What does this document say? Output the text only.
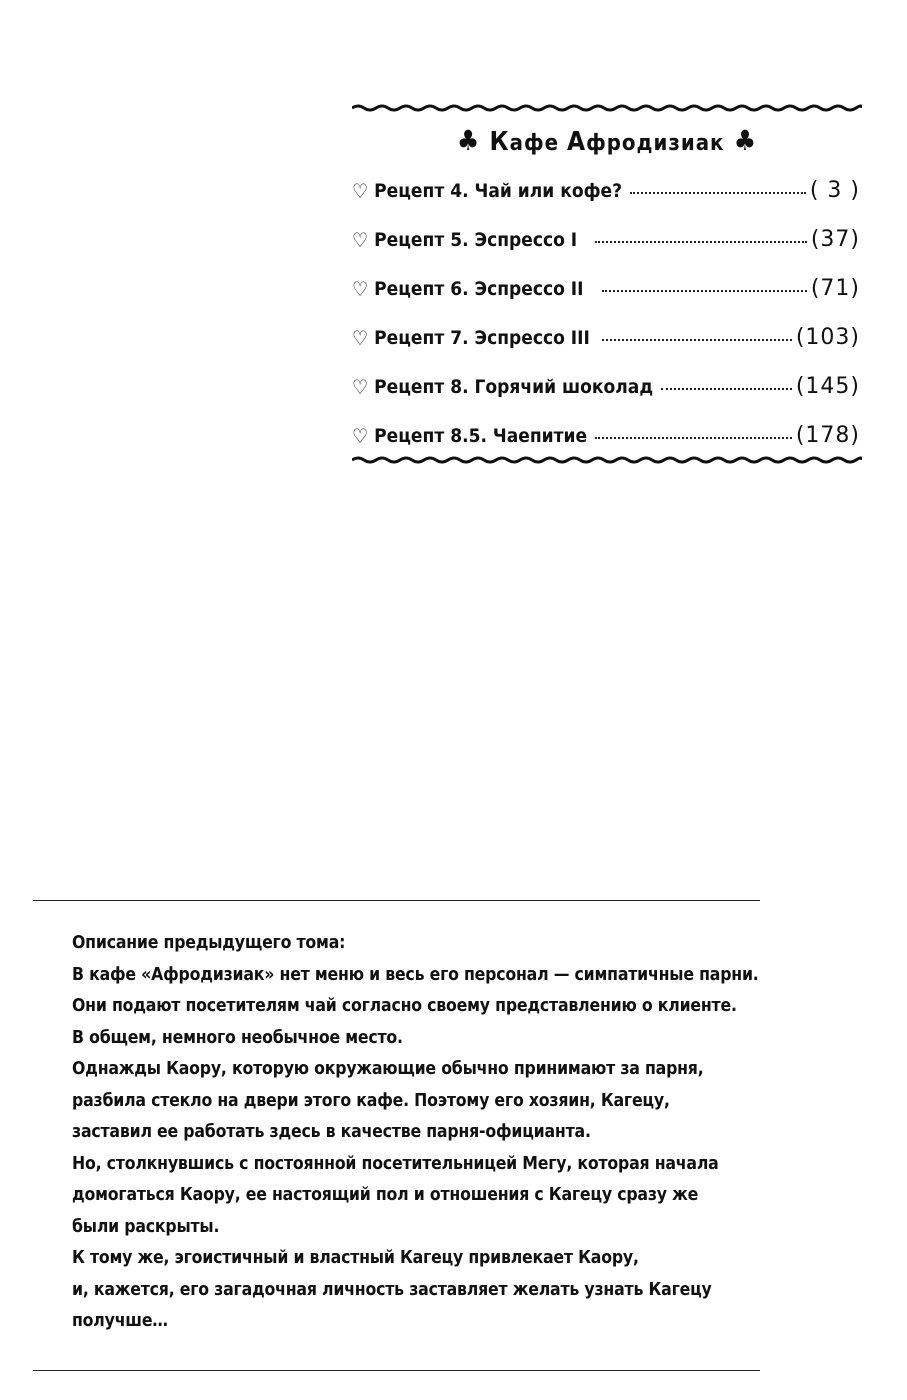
♣ Кафе Афродизиак ♣
♡ Рецепт 4. Чай или кофе?	( 3 )
♡ Рецепт 5. Эспрессо I	(37)
♡ Рецепт 6. Эспрессо II	(71)
♡ Рецепт 7. Эспрессо III	(103)
♡ Рецепт 8. Горячий шоколад	(145)
♡ Рецепт 8.5. Чаепитие	(178)

Описание предыдущего тома:

В кафе «Афродизиак» нет меню и весь его персонал — симпатичные парни.

Они подают посетителям чай согласно своему представлению о клиенте.

В общем, немного необычное место.

Однажды Каору, которую окружающие обычно принимают за парня,

разбила стекло на двери этого кафе. Поэтому его хозяин, Кагецу,

заставил ее работать здесь в качестве парня-официанта.

Но, столкнувшись с постоянной посетительницей Мегу, которая начала

домогаться Каору, ее настоящий пол и отношения с Кагецу сразу же

были раскрыты.

К тому же, эгоистичный и властный Кагецу привлекает Каору,

и, кажется, его загадочная личность заставляет желать узнать Кагецу

получше…
